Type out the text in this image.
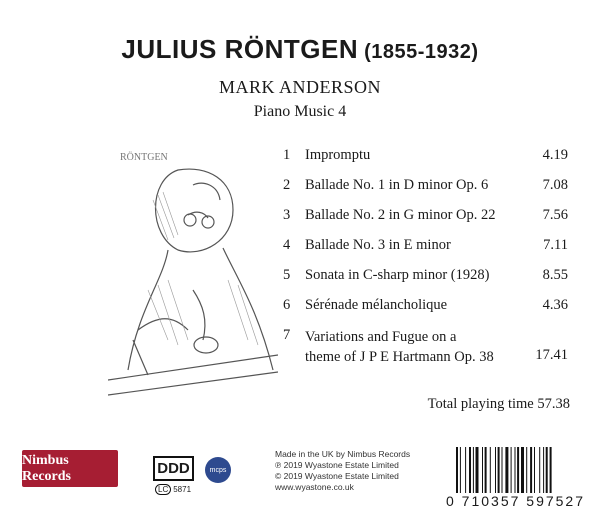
JULIUS RÖNTGEN (1855-1932)
MARK ANDERSON
Piano Music 4
RÖNTGEN	1 Impromptu	4.19
2 Ballade No. 1 in D minor Op. 6	7.08
3 Ballade No. 2 in G minor Op. 22	7.56
4 Ballade No. 3 in E minor	7.11
5 Sonata in C-sharp minor (1928)	8.55
6 Sérénade mélancholique	4.36
7 Variations and Fugue on a
theme of J P E Hartmann Op. 38	17.41
Total playing time 57.38
Nimbus Records	DDD
LC 5871
mcps
Made in the UK by Nimbus Records
℗ 2019 Wyastone Estate Limited
© 2019 Wyastone Estate Limited
www.wyastone.co.uk
0 710357 597527
